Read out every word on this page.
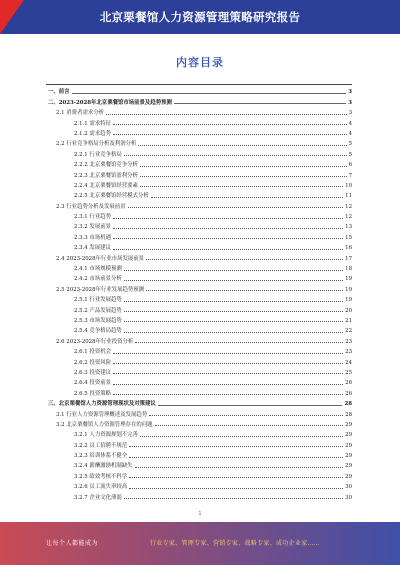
北京栗餐馆人力资源管理策略研究报告
内容目录
一、前言	3
二、2023-2028年北京栗餐馆市场前景及趋势预测	3
2.1 消费者需求分析	3
2.1.1 需求特征	4
2.1.2 需求趋势	4
2.2 行业竞争格局分析及利润分析	5
2.2.1 行业竞争格局	5
2.2.2 北京栗餐馆竞争分析	6
2.2.3 北京栗餐馆盈利分析	7
2.2.4 北京栗餐馆经营要素	10
2.2.5 北京栗餐馆经营模式分析	11
2.3 行业趋势分析及发展前景	12
2.3.1 行业趋势	12
2.3.2 发展前景	13
2.3.3 市场机遇	15
2.3.4 发展建议	16
2.4 2023-2028年行业市场发展前景	17
2.4.1 市场规模预测	18
2.4.2 市场前景分析	19
2.5 2023-2028年行业发展趋势预测	19
2.5.1 行业发展趋势	19
2.5.2 产品发展趋势	20
2.5.3 市场发展趋势	21
2.5.4 竞争格局趋势	22
2.6 2023-2028年行业投资分析	23
2.6.1 投资机会	23
2.6.2 投资风险	24
2.6.3 投资建议	25
2.6.4 投资前景	26
2.6.5 投资策略	26
三、北京栗餐馆人力资源管理现状及对策建议	28
3.1 行业人力资源管理概述及发展趋势	28
3.2 北京栗餐馆人力资源管理存在的问题	29
3.2.1 人力资源规划不完善	29
3.2.2 员工招聘不规范	29
3.2.3 培训体系不健全	29
3.2.4 薪酬激励机制缺失	29
3.2.5 绩效考核不科学	29
3.2.6 员工流失率较高	30
3.2.7 企业文化薄弱	30
1
让每个人都能成为	行业专家、管理专家、营销专家、战略专家、成功企业家……
